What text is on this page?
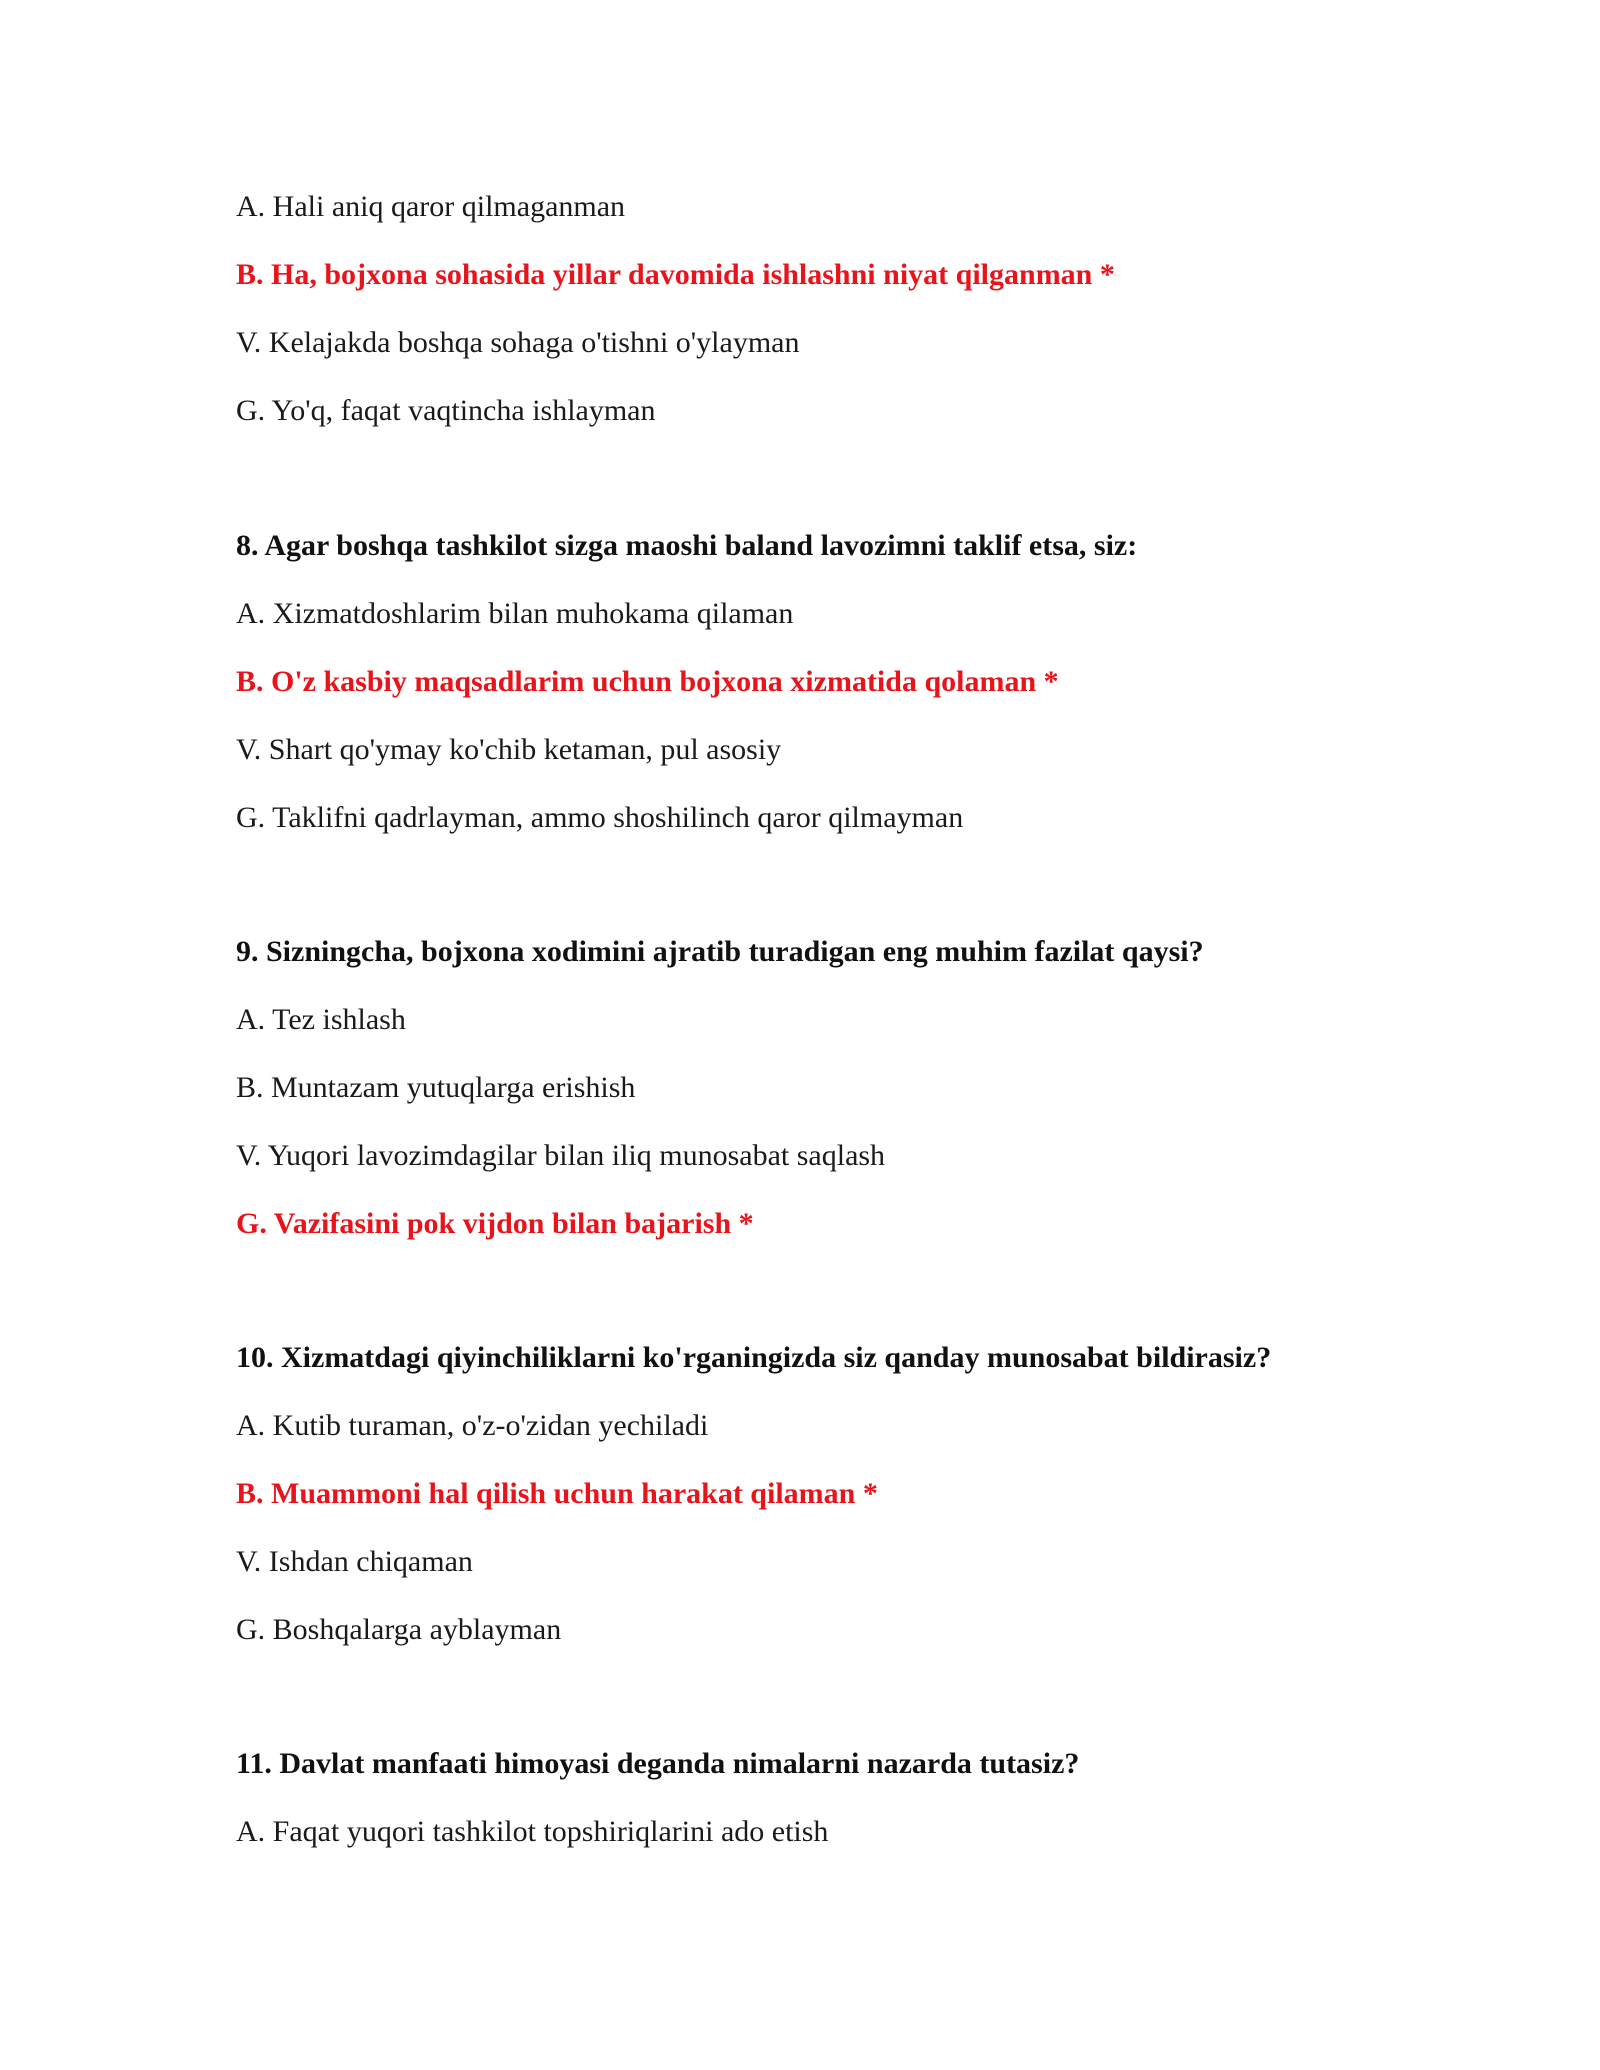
A. Hali aniq qaror qilmaganman
B. Ha, bojxona sohasida yillar davomida ishlashni niyat qilganman *
V. Kelajakda boshqa sohaga o'tishni o'ylayman
G. Yo'q, faqat vaqtincha ishlayman
8. Agar boshqa tashkilot sizga maoshi baland lavozimni taklif etsa, siz:
A. Xizmatdoshlarim bilan muhokama qilaman
B. O'z kasbiy maqsadlarim uchun bojxona xizmatida qolaman *
V. Shart qo'ymay ko'chib ketaman, pul asosiy
G. Taklifni qadrlayman, ammo shoshilinch qaror qilmayman
9. Sizningcha, bojxona xodimini ajratib turadigan eng muhim fazilat qaysi?
A. Tez ishlash
B. Muntazam yutuqlarga erishish
V. Yuqori lavozimdagilar bilan iliq munosabat saqlash
G. Vazifasini pok vijdon bilan bajarish *
10. Xizmatdagi qiyinchiliklarni ko'rganingizda siz qanday munosabat bildirasiz?
A. Kutib turaman, o'z-o'zidan yechiladi
B. Muammoni hal qilish uchun harakat qilaman *
V. Ishdan chiqaman
G. Boshqalarga ayblayman
11. Davlat manfaati himoyasi deganda nimalarni nazarda tutasiz?
A. Faqat yuqori tashkilot topshiriqlarini ado etish
